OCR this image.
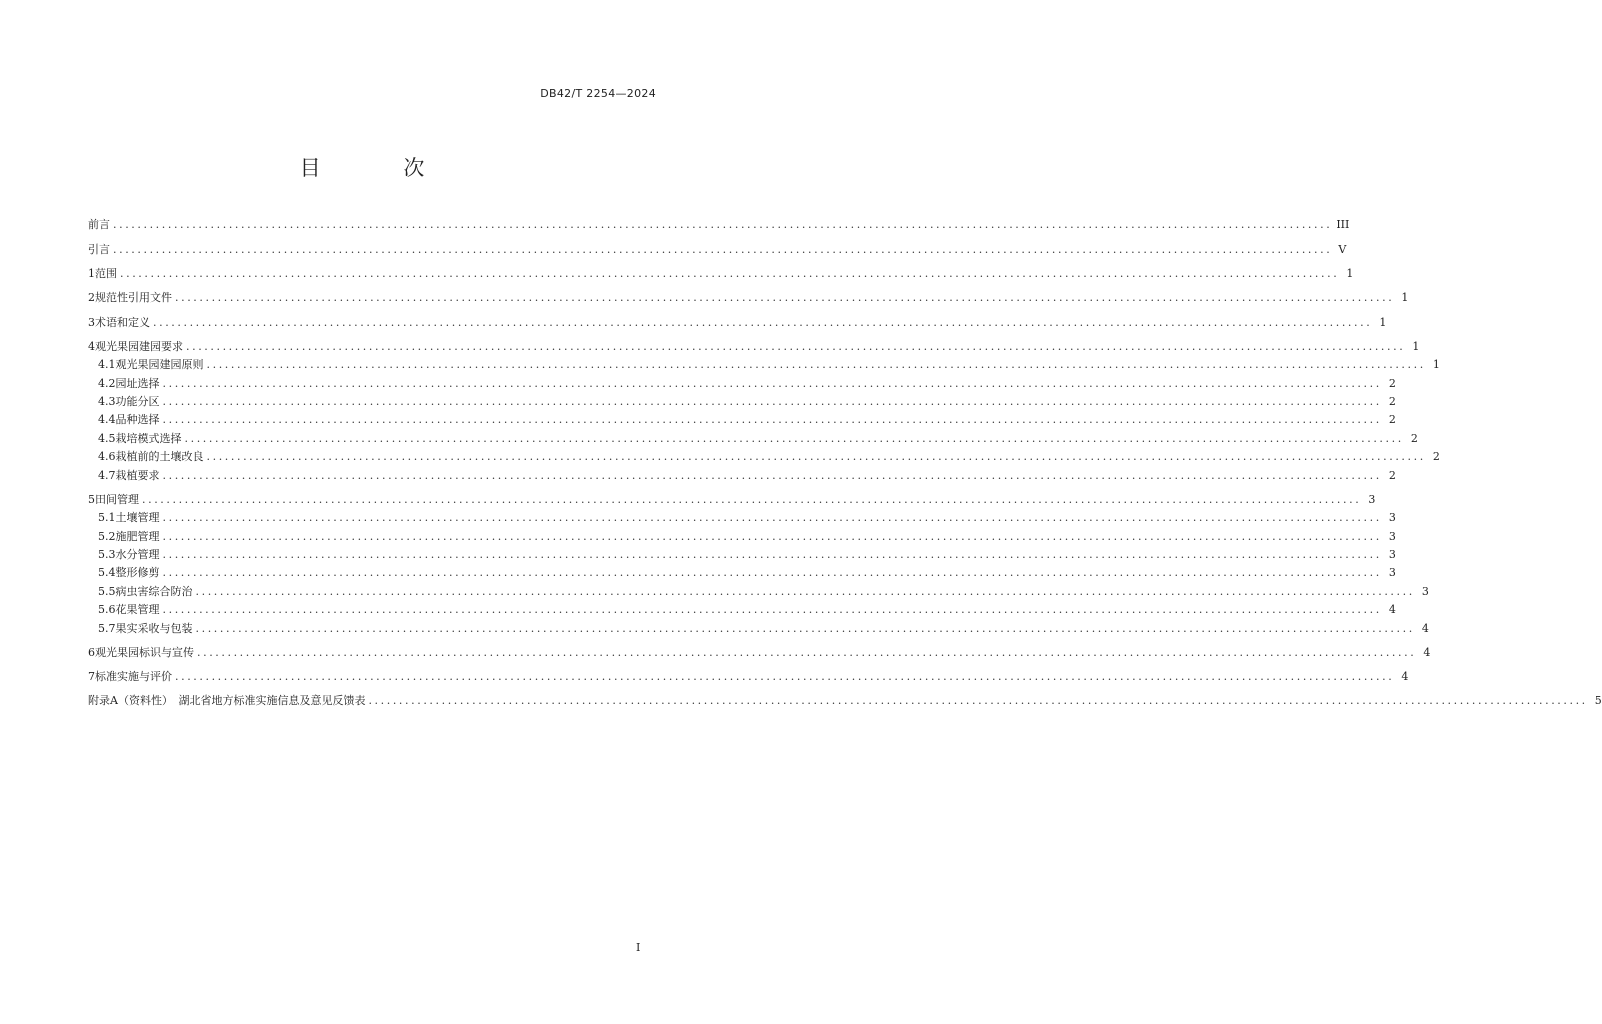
DB42/T 2254—2024
目 次
前言 ........................................................................................................................................................................................................ III
引言 ........................................................................................................................................................................................................ V
1 范围 ........................................................................................................................................................................................................ 1
2 规范性引用文件 ........................................................................................................................................................................................................ 1
3 术语和定义 ........................................................................................................................................................................................................ 1
4 观光果园建园要求 ........................................................................................................................................................................................................ 1
4.1 观光果园建园原则 ........................................................................................................................................................................................................ 1
4.2 园址选择 ........................................................................................................................................................................................................ 2
4.3 功能分区 ........................................................................................................................................................................................................ 2
4.4 品种选择 ........................................................................................................................................................................................................ 2
4.5 栽培模式选择 ........................................................................................................................................................................................................ 2
4.6 栽植前的土壤改良 ........................................................................................................................................................................................................ 2
4.7 栽植要求 ........................................................................................................................................................................................................ 2
5 田间管理 ........................................................................................................................................................................................................ 3
5.1 土壤管理 ........................................................................................................................................................................................................ 3
5.2 施肥管理 ........................................................................................................................................................................................................ 3
5.3 水分管理 ........................................................................................................................................................................................................ 3
5.4 整形修剪 ........................................................................................................................................................................................................ 3
5.5 病虫害综合防治 ........................................................................................................................................................................................................ 3
5.6 花果管理 ........................................................................................................................................................................................................ 4
5.7 果实采收与包装 ........................................................................................................................................................................................................ 4
6 观光果园标识与宣传 ........................................................................................................................................................................................................ 4
7 标准实施与评价 ........................................................................................................................................................................................................ 4
附录A（资料性）　湖北省地方标准实施信息及意见反馈表 ........................................................................................................................................................................................................ 5
I
